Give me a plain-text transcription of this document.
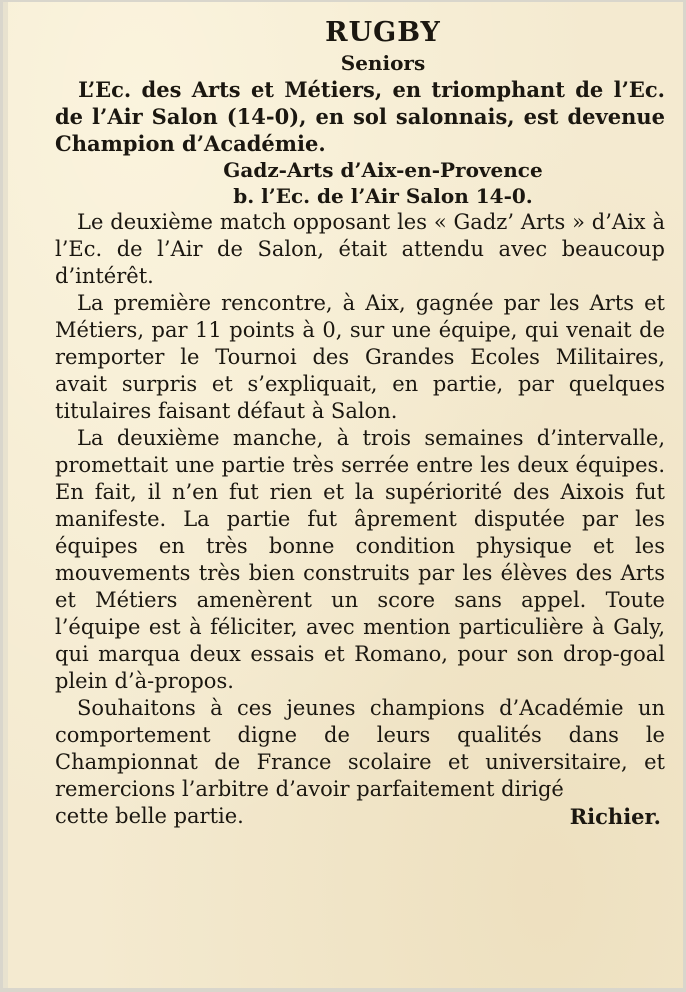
RUGBY
Seniors

L’Ec. des Arts et Métiers, en triomphant de l’Ec. de l’Air Salon (14-0), en sol salonnais, est devenue Champion d’Académie.

Gadz-Arts d’Aix-en-Provence
b. l’Ec. de l’Air Salon 14-0.

Le deuxième match opposant les « Gadz’ Arts » d’Aix à l’Ec. de l’Air de Salon, était attendu avec beaucoup d’intérêt.

La première rencontre, à Aix, gagnée par les Arts et Métiers, par 11 points à 0, sur une équipe, qui venait de remporter le Tournoi des Grandes Ecoles Militaires, avait surpris et s’expliquait, en partie, par quelques titulaires faisant défaut à Salon.

La deuxième manche, à trois semaines d’intervalle, promettait une partie très serrée entre les deux équipes. En fait, il n’en fut rien et la supériorité des Aixois fut manifeste. La partie fut âprement disputée par les équipes en très bonne condition physique et les mouvements très bien construits par les élèves des Arts et Métiers amenèrent un score sans appel. Toute l’équipe est à féliciter, avec mention particulière à Galy, qui marqua deux essais et Romano, pour son drop-goal plein d’à-propos.

Souhaitons à ces jeunes champions d’Académie un comportement digne de leurs qualités dans le Championnat de France scolaire et universitaire, et remercions l’arbitre d’avoir parfaitement dirigé

cette belle partie.	Richier.
